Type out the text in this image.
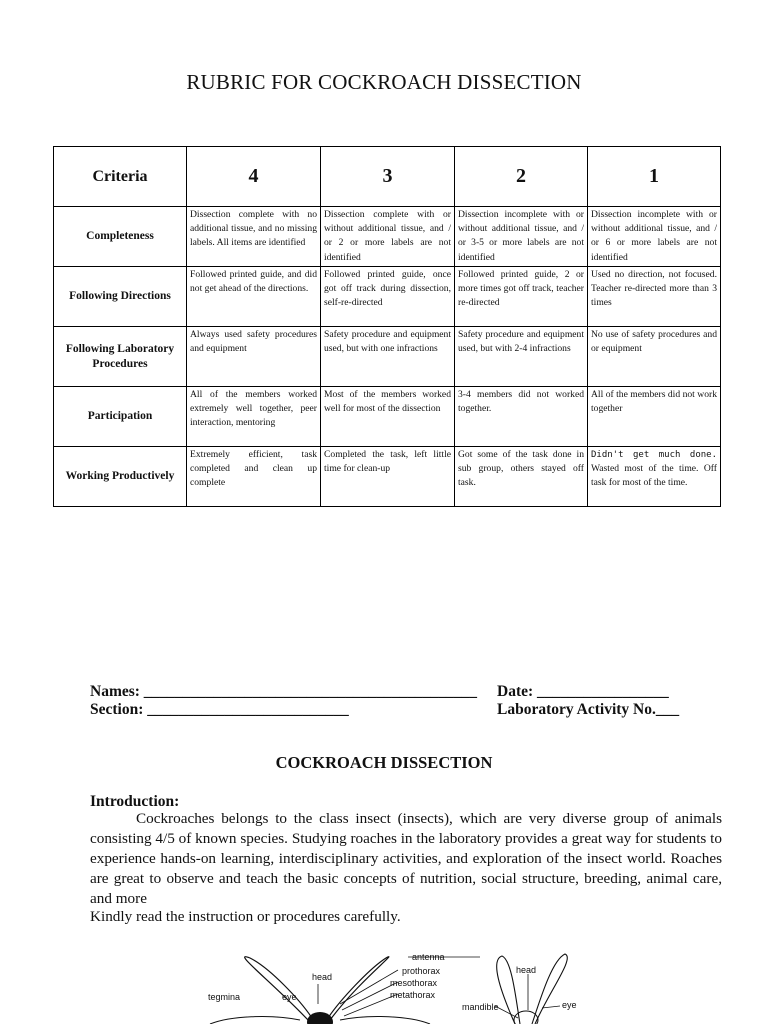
RUBRIC FOR COCKROACH DISSECTION
Criteria	4	3	2	1
Completeness	Dissection complete with no additional tissue, and no missing labels. All items are identified	Dissection complete with or without additional tissue, and / or 2 or more labels are not identified	Dissection incomplete with or without additional tissue, and / or 3-5 or more labels are not identified	Dissection incomplete with or without additional tissue, and / or 6 or more labels are not identified
Following Directions	Followed printed guide, and did not get ahead of the directions.	Followed printed guide, once got off track during dissection, self-re-directed	Followed printed guide, 2 or more times got off track, teacher re-directed	Used no direction, not focused. Teacher re-directed more than 3 times
Following Laboratory Procedures	Always used safety procedures and equipment	Safety procedure and equipment used, but with one infractions	Safety procedure and equipment used, but with 2-4 infractions	No use of safety procedures and or equipment
Participation	All of the members worked extremely well together, peer interaction, mentoring	Most of the members worked well for most of the dissection	3-4 members did not worked together.	All of the members did not work together
Working Productively	Extremely efficient, task completed and clean up complete	Completed the task, left little time for clean-up	Got some of the task done in sub group, others stayed off task.	Didn't get much done. Wasted most of the time. Off task for most of the time.
Names: ___________________________________________ Date: _________________
Section: __________________________	Laboratory Activity No.___
COCKROACH DISSECTION
Introduction:
Cockroaches belongs to the class insect (insects), which are very diverse group of animals consisting 4/5 of known species. Studying roaches in the laboratory provides a great way for students to experience hands-on learning, interdisciplinary activities, and exploration of the insect world. Roaches are great to observe and teach the basic concepts of nutrition, social structure, breeding, animal care, and more
Kindly read the instruction or procedures carefully.
antenna
head
tegmina	eye
prothorax
mesothorax
metathorax
head
mandible	eye
